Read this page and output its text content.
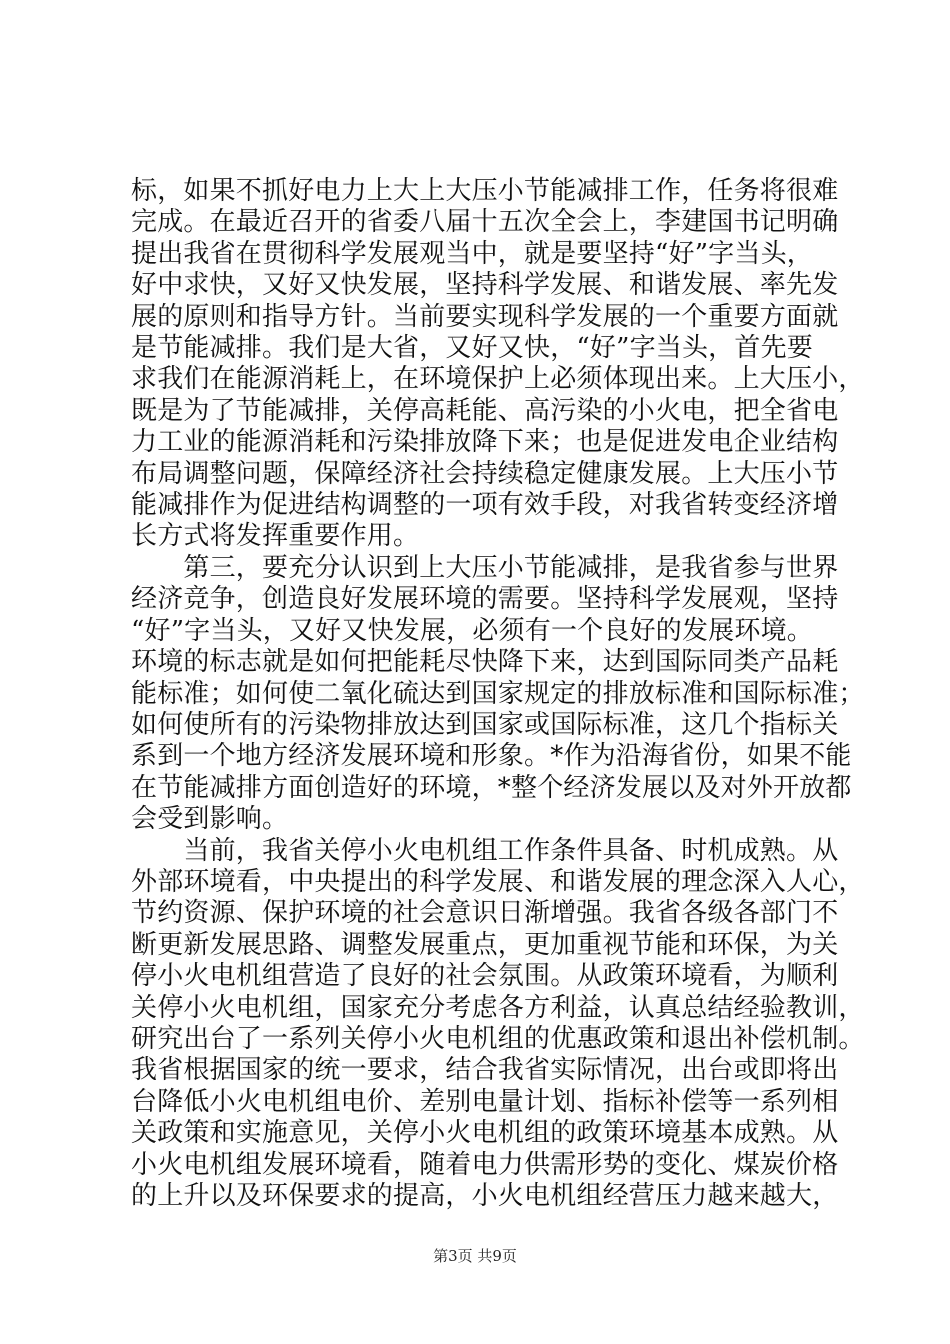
标，如果不抓好电力上大上大压小节能减排工作，任务将很难
完成。在最近召开的省委八届十五次全会上，李建国书记明确
提出我省在贯彻科学发展观当中，就是要坚持“好”字当头，
好中求快，又好又快发展，坚持科学发展、和谐发展、率先发
展的原则和指导方针。当前要实现科学发展的一个重要方面就
是节能减排。我们是大省，又好又快，“好”字当头，首先要
求我们在能源消耗上，在环境保护上必须体现出来。上大压小，
既是为了节能减排，关停高耗能、高污染的小火电，把全省电
力工业的能源消耗和污染排放降下来；也是促进发电企业结构
布局调整问题，保障经济社会持续稳定健康发展。上大压小节
能减排作为促进结构调整的一项有效手段，对我省转变经济增
长方式将发挥重要作用。
　　第三，要充分认识到上大压小节能减排，是我省参与世界
经济竞争，创造良好发展环境的需要。坚持科学发展观，坚持
“好”字当头，又好又快发展，必须有一个良好的发展环境。
环境的标志就是如何把能耗尽快降下来，达到国际同类产品耗
能标准；如何使二氧化硫达到国家规定的排放标准和国际标准；
如何使所有的污染物排放达到国家或国际标准，这几个指标关
系到一个地方经济发展环境和形象。*作为沿海省份，如果不能
在节能减排方面创造好的环境，*整个经济发展以及对外开放都
会受到影响。
　　当前，我省关停小火电机组工作条件具备、时机成熟。从
外部环境看，中央提出的科学发展、和谐发展的理念深入人心，
节约资源、保护环境的社会意识日渐增强。我省各级各部门不
断更新发展思路、调整发展重点，更加重视节能和环保，为关
停小火电机组营造了良好的社会氛围。从政策环境看，为顺利
关停小火电机组，国家充分考虑各方利益，认真总结经验教训，
研究出台了一系列关停小火电机组的优惠政策和退出补偿机制。
我省根据国家的统一要求，结合我省实际情况，出台或即将出
台降低小火电机组电价、差别电量计划、指标补偿等一系列相
关政策和实施意见，关停小火电机组的政策环境基本成熟。从
小火电机组发展环境看，随着电力供需形势的变化、煤炭价格
的上升以及环保要求的提高，小火电机组经营压力越来越大，
第3页 共9页
